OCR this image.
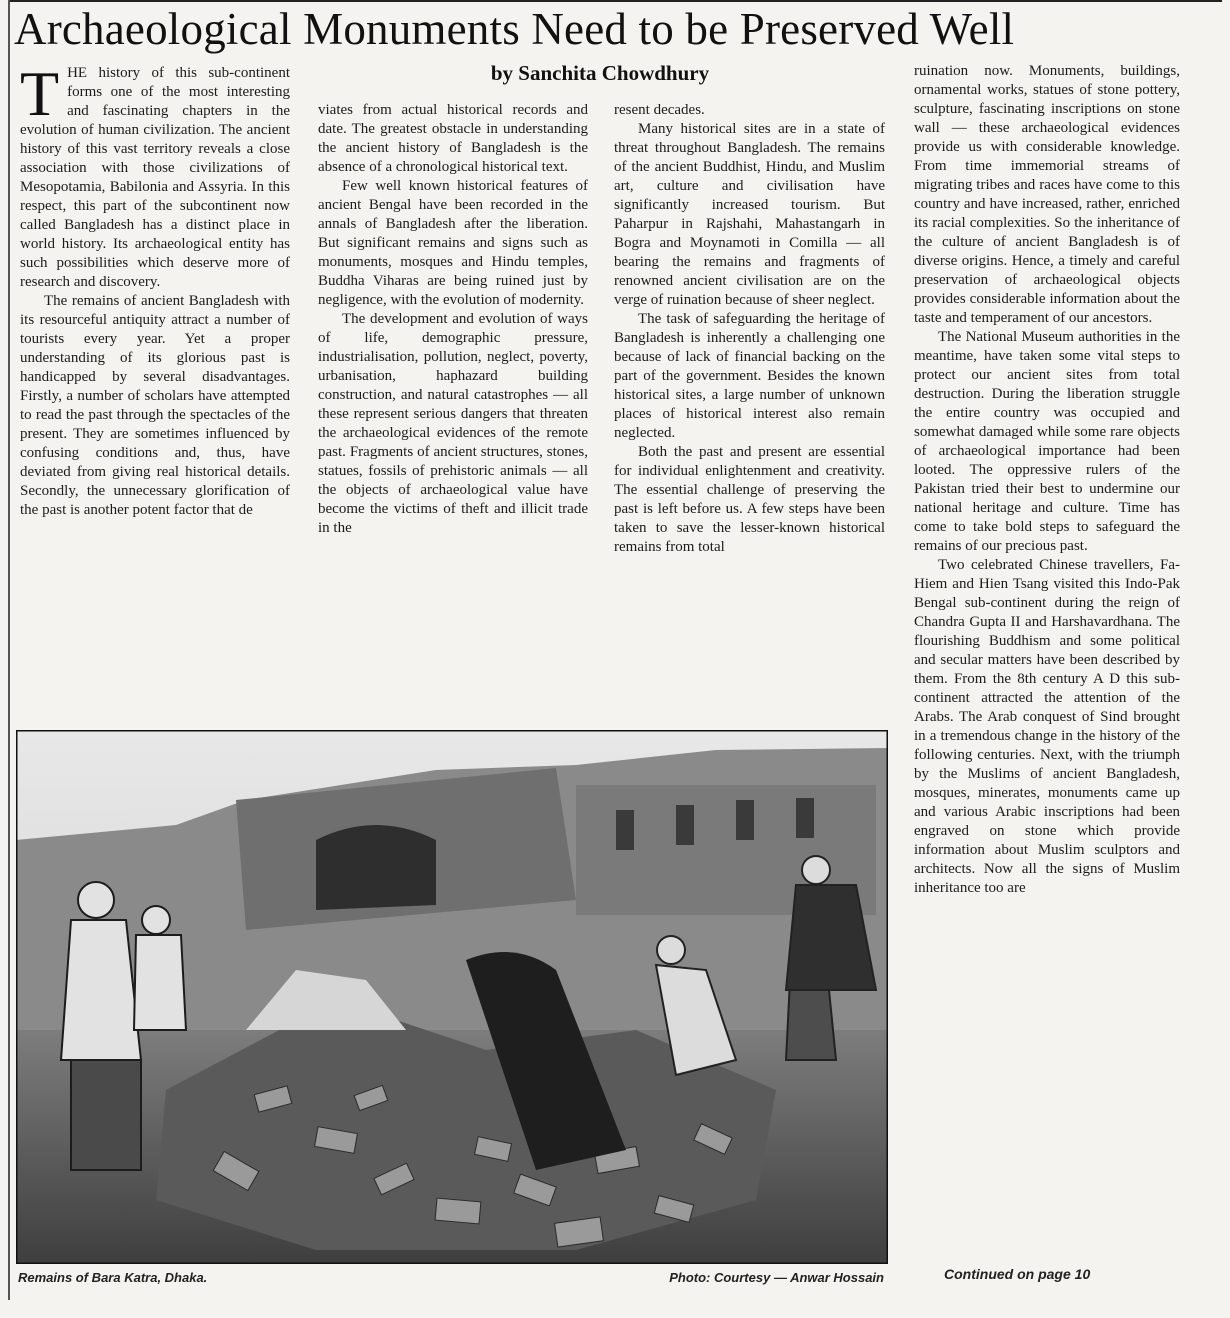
Archaeological Monuments Need to be Preserved Well
by Sanchita Chowdhury
T HE history of this sub-continent forms one of the most interesting and fascinating chapters in the evolution of human civilization. The ancient history of this vast territory reveals a close association with those civilizations of Mesopotamia, Babilonia and Assyria. In this respect, this part of the subcontinent now called Bangladesh has a distinct place in world history. Its archaeological entity has such possibilities which deserve more of research and discovery.

The remains of ancient Bangladesh with its resourceful antiquity attract a number of tourists every year. Yet a proper understanding of its glorious past is handicapped by several disadvantages. Firstly, a number of scholars have attempted to read the past through the spectacles of the present. They are sometimes influenced by confusing conditions and, thus, have deviated from giving real historical details. Secondly, the unnecessary glorification of the past is another potent factor that de

viates from actual historical records and date. The greatest obstacle in understanding the ancient history of Bangladesh is the absence of a chronological historical text.

Few well known historical features of ancient Bengal have been recorded in the annals of Bangladesh after the liberation. But significant remains and signs such as monuments, mosques and Hindu temples, Buddha Viharas are being ruined just by negligence, with the evolution of modernity.

The development and evolution of ways of life, demographic pressure, industrialisation, pollution, neglect, poverty, urbanisation, haphazard building construction, and natural catastrophes — all these represent serious dangers that threaten the archaeological evidences of the remote past. Fragments of ancient structures, stones, statues, fossils of prehistoric animals — all the objects of archaeological value have become the victims of theft and illicit trade in the

resent decades.

Many historical sites are in a state of threat throughout Bangladesh. The remains of the ancient Buddhist, Hindu, and Muslim art, culture and civilisation have significantly increased tourism. But Paharpur in Rajshahi, Mahastangarh in Bogra and Moynamoti in Comilla — all bearing the remains and fragments of renowned ancient civilisation are on the verge of ruination because of sheer neglect.

The task of safeguarding the heritage of Bangladesh is inherently a challenging one because of lack of financial backing on the part of the government. Besides the known historical sites, a large number of unknown places of historical interest also remain neglected.

Both the past and present are essential for individual enlightenment and creativity. The essential challenge of preserving the past is left before us. A few steps have been taken to save the lesser-known historical remains from total

ruination now. Monuments, buildings, ornamental works, statues of stone pottery, sculpture, fascinating inscriptions on stone wall — these archaeological evidences provide us with considerable knowledge. From time immemorial streams of migrating tribes and races have come to this country and have increased, rather, enriched its racial complexities. So the inheritance of the culture of ancient Bangladesh is of diverse origins. Hence, a timely and careful preservation of archaeological objects provides considerable information about the taste and temperament of our ancestors.

The National Museum authorities in the meantime, have taken some vital steps to protect our ancient sites from total destruction. During the liberation struggle the entire country was occupied and somewhat damaged while some rare objects of archaeological importance had been looted. The oppressive rulers of the Pakistan tried their best to undermine our national heritage and culture. Time has come to take bold steps to safeguard the remains of our precious past.

Two celebrated Chinese travellers, Fa-Hiem and Hien Tsang visited this Indo-Pak Bengal sub-continent during the reign of Chandra Gupta II and Harshavardhana. The flourishing Buddhism and some political and secular matters have been described by them. From the 8th century A D this sub-continent attracted the attention of the Arabs. The Arab conquest of Sind brought in a tremendous change in the history of the following centuries. Next, with the triumph by the Muslims of ancient Bangladesh, mosques, minerates, monuments came up and various Arabic inscriptions had been engraved on stone which provide information about Muslim sculptors and architects. Now all the signs of Muslim inheritance too are

Remains of Bara Katra, Dhaka.	Photo: Courtesy — Anwar Hossain	Continued on page 10
